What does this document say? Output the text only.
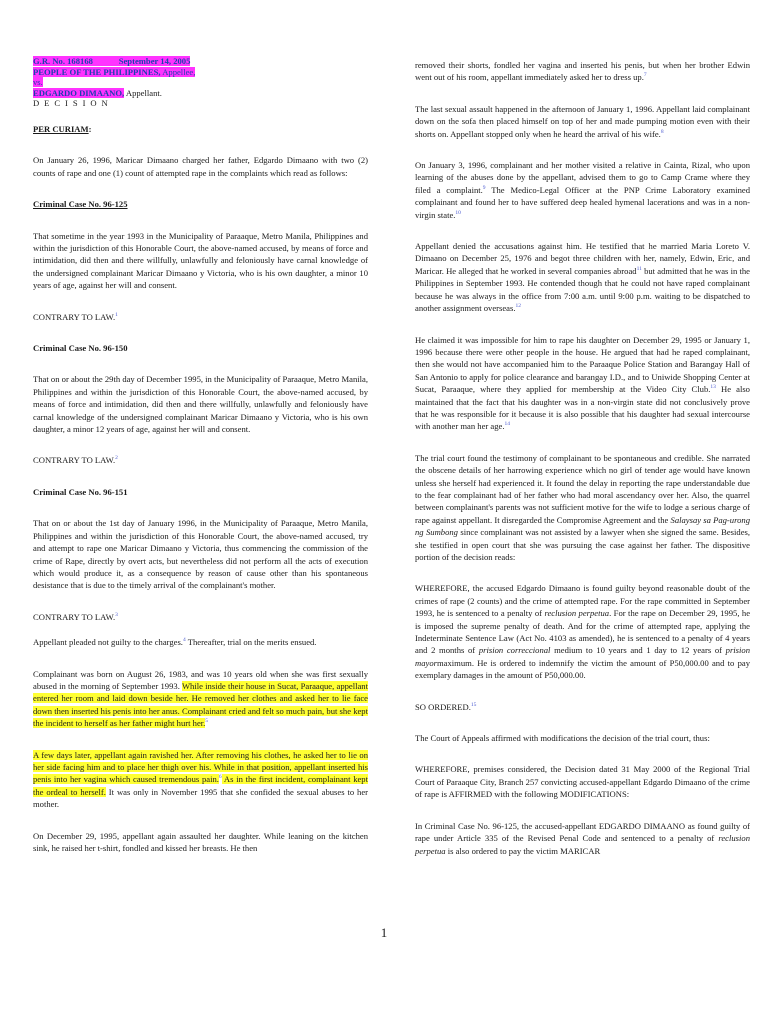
G.R. No. 168168	September 14, 2005
PEOPLE OF THE PHILIPPINES, Appellee,
vs.
EDGARDO DIMAANO, Appellant.
D E C I S I O N

PER CURIAM:

On January 26, 1996, Maricar Dimaano charged her father, Edgardo Dimaano with two (2) counts of rape and one (1) count of attempted rape in the complaints which read as follows:

Criminal Case No. 96-125

That sometime in the year 1993 in the Municipality of Paraaque, Metro Manila, Philippines and within the jurisdiction of this Honorable Court, the above-named accused, by means of force and intimidation, did then and there willfully, unlawfully and feloniously have carnal knowledge of the undersigned complainant Maricar Dimaano y Victoria, who is his own daughter, a minor 10 years of age, against her will and consent.

CONTRARY TO LAW.$^1$

Criminal Case No. 96-150

That on or about the 29th day of December 1995, in the Municipality of Paraaque, Metro Manila, Philippines and within the jurisdiction of this Honorable Court, the above-named accused, by means of force and intimidation, did then and there willfully, unlawfully and feloniously have carnal knowledge of the undersigned complainant Maricar Dimaano y Victoria, who is his own daughter, a minor 12 years of age, against her will and consent.

CONTRARY TO LAW.$^2$

Criminal Case No. 96-151

That on or about the 1st day of January 1996, in the Municipality of Paraaque, Metro Manila, Philippines and within the jurisdiction of this Honorable Court, the above-named accused, try and attempt to rape one Maricar Dimaano y Victoria, thus commencing the commission of the crime of Rape, directly by overt acts, but nevertheless did not perform all the acts of execution which would produce it, as a consequence by reason of cause other than his spontaneous desistance that is due to the timely arrival of the complainant's mother.

CONTRARY TO LAW.$^3$

Appellant pleaded not guilty to the charges.$^4$ Thereafter, trial on the merits ensued.

Complainant was born on August 26, 1983, and was 10 years old when she was first sexually abused in the morning of September 1993. While inside their house in Sucat, Paraaque, appellant entered her room and laid down beside her. He removed her clothes and asked her to lie face down then inserted his penis into her anus. Complainant cried and felt so much pain, but she kept the incident to herself as her father might hurt her.$^5$

A few days later, appellant again ravished her. After removing his clothes, he asked her to lie on her side facing him and to place her thigh over his. While in that position, appellant inserted his penis into her vagina which caused tremendous pain.$^6$ As in the first incident, complainant kept the ordeal to herself. It was only in November 1995 that she confided the sexual abuses to her mother.

On December 29, 1995, appellant again assaulted her daughter. While leaning on the kitchen sink, he raised her t-shirt, fondled and kissed her breasts. He then

removed their shorts, fondled her vagina and inserted his penis, but when her brother Edwin went out of his room, appellant immediately asked her to dress up.$^7$

The last sexual assault happened in the afternoon of January 1, 1996. Appellant laid complainant down on the sofa then placed himself on top of her and made pumping motion even with their shorts on. Appellant stopped only when he heard the arrival of his wife.$^8$

On January 3, 1996, complainant and her mother visited a relative in Cainta, Rizal, who upon learning of the abuses done by the appellant, advised them to go to Camp Crame where they filed a complaint.$^9$ The Medico-Legal Officer at the PNP Crime Laboratory examined complainant and found her to have suffered deep healed hymenal lacerations and was in a non-virgin state.$^{10}$

Appellant denied the accusations against him. He testified that he married Maria Loreto V. Dimaano on December 25, 1976 and begot three children with her, namely, Edwin, Eric, and Maricar. He alleged that he worked in several companies abroad$^{11}$ but admitted that he was in the Philippines in September 1993. He contended though that he could not have raped complainant because he was always in the office from 7:00 a.m. until 9:00 p.m. waiting to be dispatched to another assignment overseas.$^{12}$

He claimed it was impossible for him to rape his daughter on December 29, 1995 or January 1, 1996 because there were other people in the house. He argued that had he raped complainant, then she would not have accompanied him to the Paraaque Police Station and Barangay Hall of San Antonio to apply for police clearance and barangay I.D., and to Uniwide Shopping Center at Sucat, Paraaque, where they applied for membership at the Video City Club.$^{13}$ He also maintained that the fact that his daughter was in a non-virgin state did not conclusively prove that he was responsible for it because it is also possible that his daughter had sexual intercourse with another man her age.$^{14}$

The trial court found the testimony of complainant to be spontaneous and credible. She narrated the obscene details of her harrowing experience which no girl of tender age would have known unless she herself had experienced it. It found the delay in reporting the rape understandable due to the fear complainant had of her father who had moral ascendancy over her. Also, the quarrel between complainant's parents was not sufficient motive for the wife to lodge a serious charge of rape against appellant. It disregarded the Compromise Agreement and the Salaysay sa Pag-urong ng Sumbong since complainant was not assisted by a lawyer when she signed the same. Besides, she testified in open court that she was pursuing the case against her father. The dispositive portion of the decision reads:

WHEREFORE, the accused Edgardo Dimaano is found guilty beyond reasonable doubt of the crimes of rape (2 counts) and the crime of attempted rape. For the rape committed in September 1993, he is sentenced to a penalty of reclusion perpetua. For the rape on December 29, 1995, he is imposed the supreme penalty of death. And for the crime of attempted rape, applying the Indeterminate Sentence Law (Act No. 4103 as amended), he is sentenced to a penalty of 4 years and 2 months of prision correccional medium to 10 years and 1 day to 12 years of prision mayormaximum. He is ordered to indemnify the victim the amount of P50,000.00 and to pay exemplary damages in the amount of P50,000.00.

SO ORDERED.$^{15}$

The Court of Appeals affirmed with modifications the decision of the trial court, thus:

WHEREFORE, premises considered, the Decision dated 31 May 2000 of the Regional Trial Court of Paraaque City, Branch 257 convicting accused-appellant Edgardo Dimaano of the crime of rape is AFFIRMED with the following MODIFICATIONS:

In Criminal Case No. 96-125, the accused-appellant EDGARDO DIMAANO as found guilty of rape under Article 335 of the Revised Penal Code and sentenced to a penalty of reclusion perpetua is also ordered to pay the victim MARICAR

1
